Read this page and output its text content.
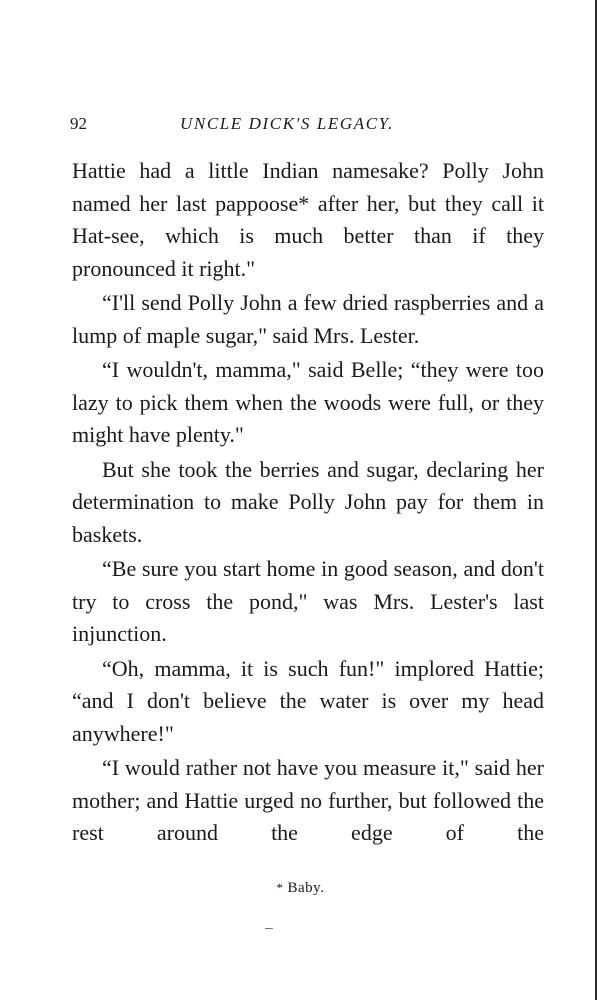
92	UNCLE DICK'S LEGACY.

Hattie had a little Indian namesake? Polly John named her last pappoose* after her, but they call it Hat-see, which is much better than if they pronounced it right."

“I'll send Polly John a few dried raspberries and a lump of maple sugar," said Mrs. Lester.

“I wouldn't, mamma," said Belle; “they were too lazy to pick them when the woods were full, or they might have plenty."

But she took the berries and sugar, declaring her determination to make Polly John pay for them in baskets.

“Be sure you start home in good season, and don't try to cross the pond," was Mrs. Lester's last injunction.

“Oh, mamma, it is such fun!" implored Hattie; “and I don't believe the water is over my head anywhere!"

“I would rather not have you measure it," said her mother; and Hattie urged no further, but followed the rest around the edge of the

* Baby.
